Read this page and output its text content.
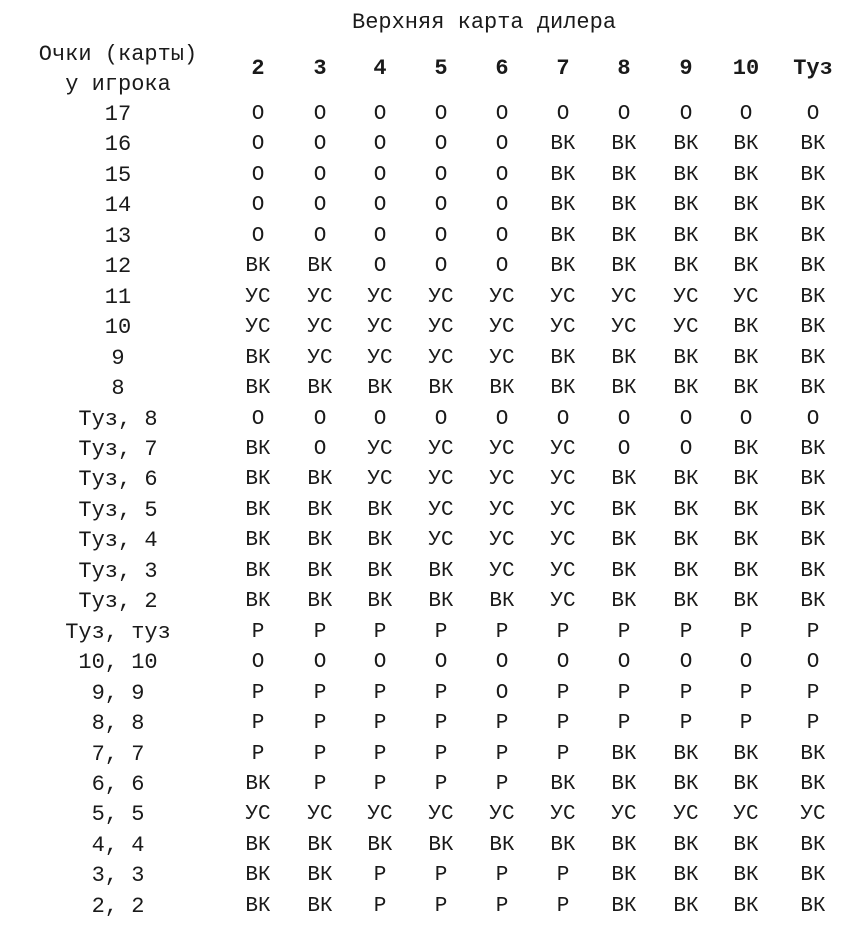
Верхняя карта дилера
Очки (карты)
у игрока
2	3	4	5	6	7	8	9	10	Туз
17	О	О	О	О	О	О	О	О	О	О
16	О	О	О	О	О	ВК	ВК	ВК	ВК	ВК
15	О	О	О	О	О	ВК	ВК	ВК	ВК	ВК
14	О	О	О	О	О	ВК	ВК	ВК	ВК	ВК
13	О	О	О	О	О	ВК	ВК	ВК	ВК	ВК
12	ВК	ВК	О	О	О	ВК	ВК	ВК	ВК	ВК
11	УС	УС	УС	УС	УС	УС	УС	УС	УС	ВК
10	УС	УС	УС	УС	УС	УС	УС	УС	ВК	ВК
9	ВК	УС	УС	УС	УС	ВК	ВК	ВК	ВК	ВК
8	ВК	ВК	ВК	ВК	ВК	ВК	ВК	ВК	ВК	ВК
Туз, 8	О	О	О	О	О	О	О	О	О	О
Туз, 7	ВК	О	УС	УС	УС	УС	О	О	ВК	ВК
Туз, 6	ВК	ВК	УС	УС	УС	УС	ВК	ВК	ВК	ВК
Туз, 5	ВК	ВК	ВК	УС	УС	УС	ВК	ВК	ВК	ВК
Туз, 4	ВК	ВК	ВК	УС	УС	УС	ВК	ВК	ВК	ВК
Туз, 3	ВК	ВК	ВК	ВК	УС	УС	ВК	ВК	ВК	ВК
Туз, 2	ВК	ВК	ВК	ВК	ВК	УС	ВК	ВК	ВК	ВК
Туз, туз	Р	Р	Р	Р	Р	Р	Р	Р	Р	Р
10, 10	О	О	О	О	О	О	О	О	О	О
9, 9	Р	Р	Р	Р	О	Р	Р	Р	Р	Р
8, 8	Р	Р	Р	Р	Р	Р	Р	Р	Р	Р
7, 7	Р	Р	Р	Р	Р	Р	ВК	ВК	ВК	ВК
6, 6	ВК	Р	Р	Р	Р	ВК	ВК	ВК	ВК	ВК
5, 5	УС	УС	УС	УС	УС	УС	УС	УС	УС	УС
4, 4	ВК	ВК	ВК	ВК	ВК	ВК	ВК	ВК	ВК	ВК
3, 3	ВК	ВК	Р	Р	Р	Р	ВК	ВК	ВК	ВК
2, 2	ВК	ВК	Р	Р	Р	Р	ВК	ВК	ВК	ВК
